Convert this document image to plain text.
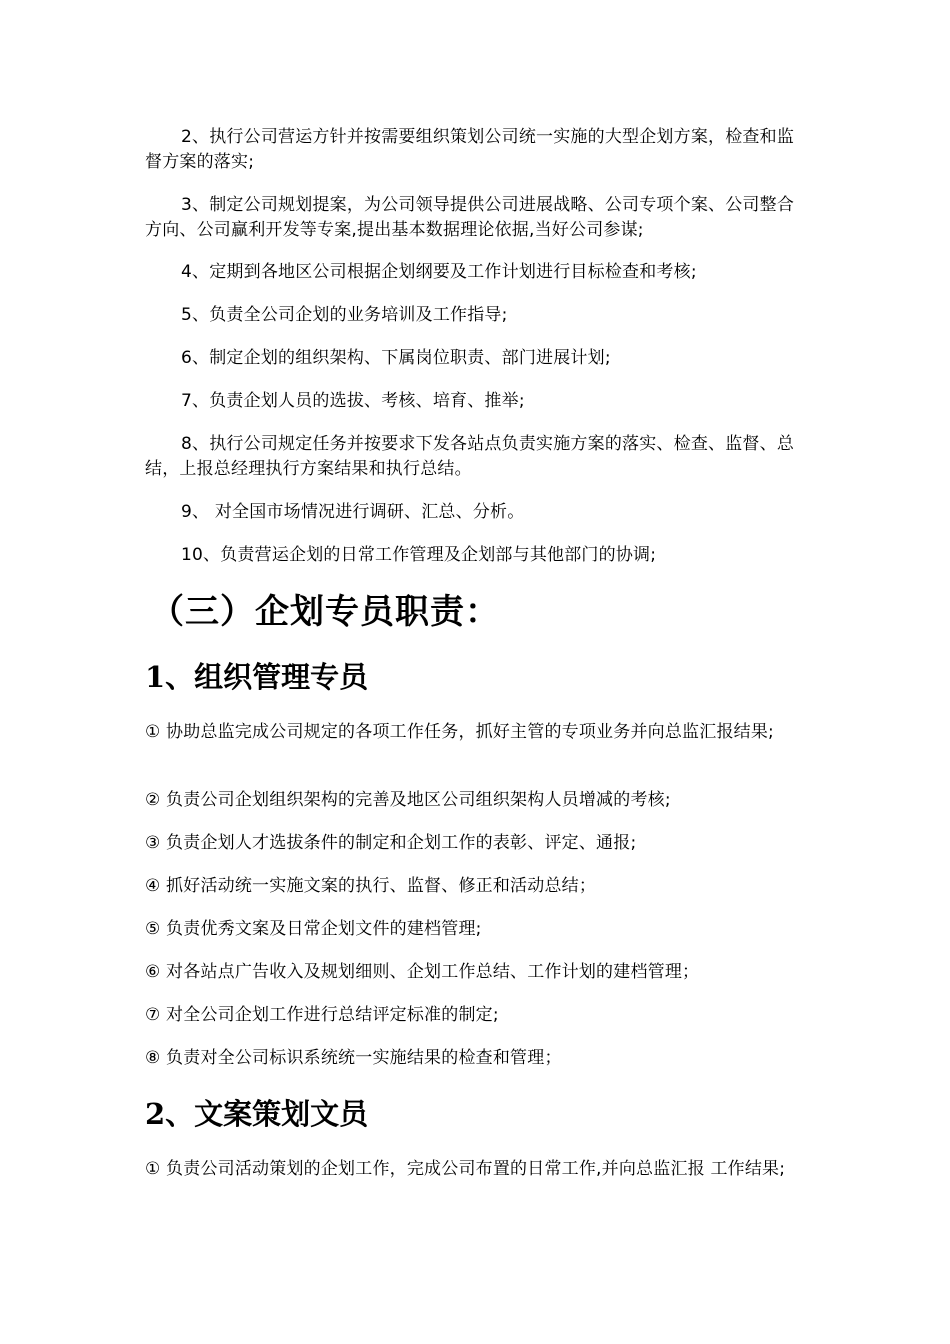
2、执行公司营运方针并按需要组织策划公司统一实施的大型企划方案，检查和监督方案的落实;

3、制定公司规划提案，为公司领导提供公司进展战略、公司专项个案、公司整合方向、公司赢利开发等专案,提出基本数据理论依据,当好公司参谋;

4、定期到各地区公司根据企划纲要及工作计划进行目标检查和考核;

5、负责全公司企划的业务培训及工作指导;

6、制定企划的组织架构、下属岗位职责、部门进展计划;

7、负责企划人员的选拔、考核、培育、推举;

8、执行公司规定任务并按要求下发各站点负责实施方案的落实、检查、监督、总结，上报总经理执行方案结果和执行总结。

9、 对全国市场情况进行调研、汇总、分析。

10、负责营运企划的日常工作管理及企划部与其他部门的协调;

（三）企划专员职责：
1、组织管理专员

① 协助总监完成公司规定的各项工作任务，抓好主管的专项业务并向总监汇报结果;

② 负责公司企划组织架构的完善及地区公司组织架构人员增减的考核;

③ 负责企划人才选拔条件的制定和企划工作的表彰、评定、通报;

④ 抓好活动统一实施文案的执行、监督、修正和活动总结；

⑤ 负责优秀文案及日常企划文件的建档管理;

⑥ 对各站点广告收入及规划细则、企划工作总结、工作计划的建档管理；

⑦ 对全公司企划工作进行总结评定标准的制定;

⑧ 负责对全公司标识系统统一实施结果的检查和管理；

2、文案策划文员

① 负责公司活动策划的企划工作，完成公司布置的日常工作,并向总监汇报 工作结果;
